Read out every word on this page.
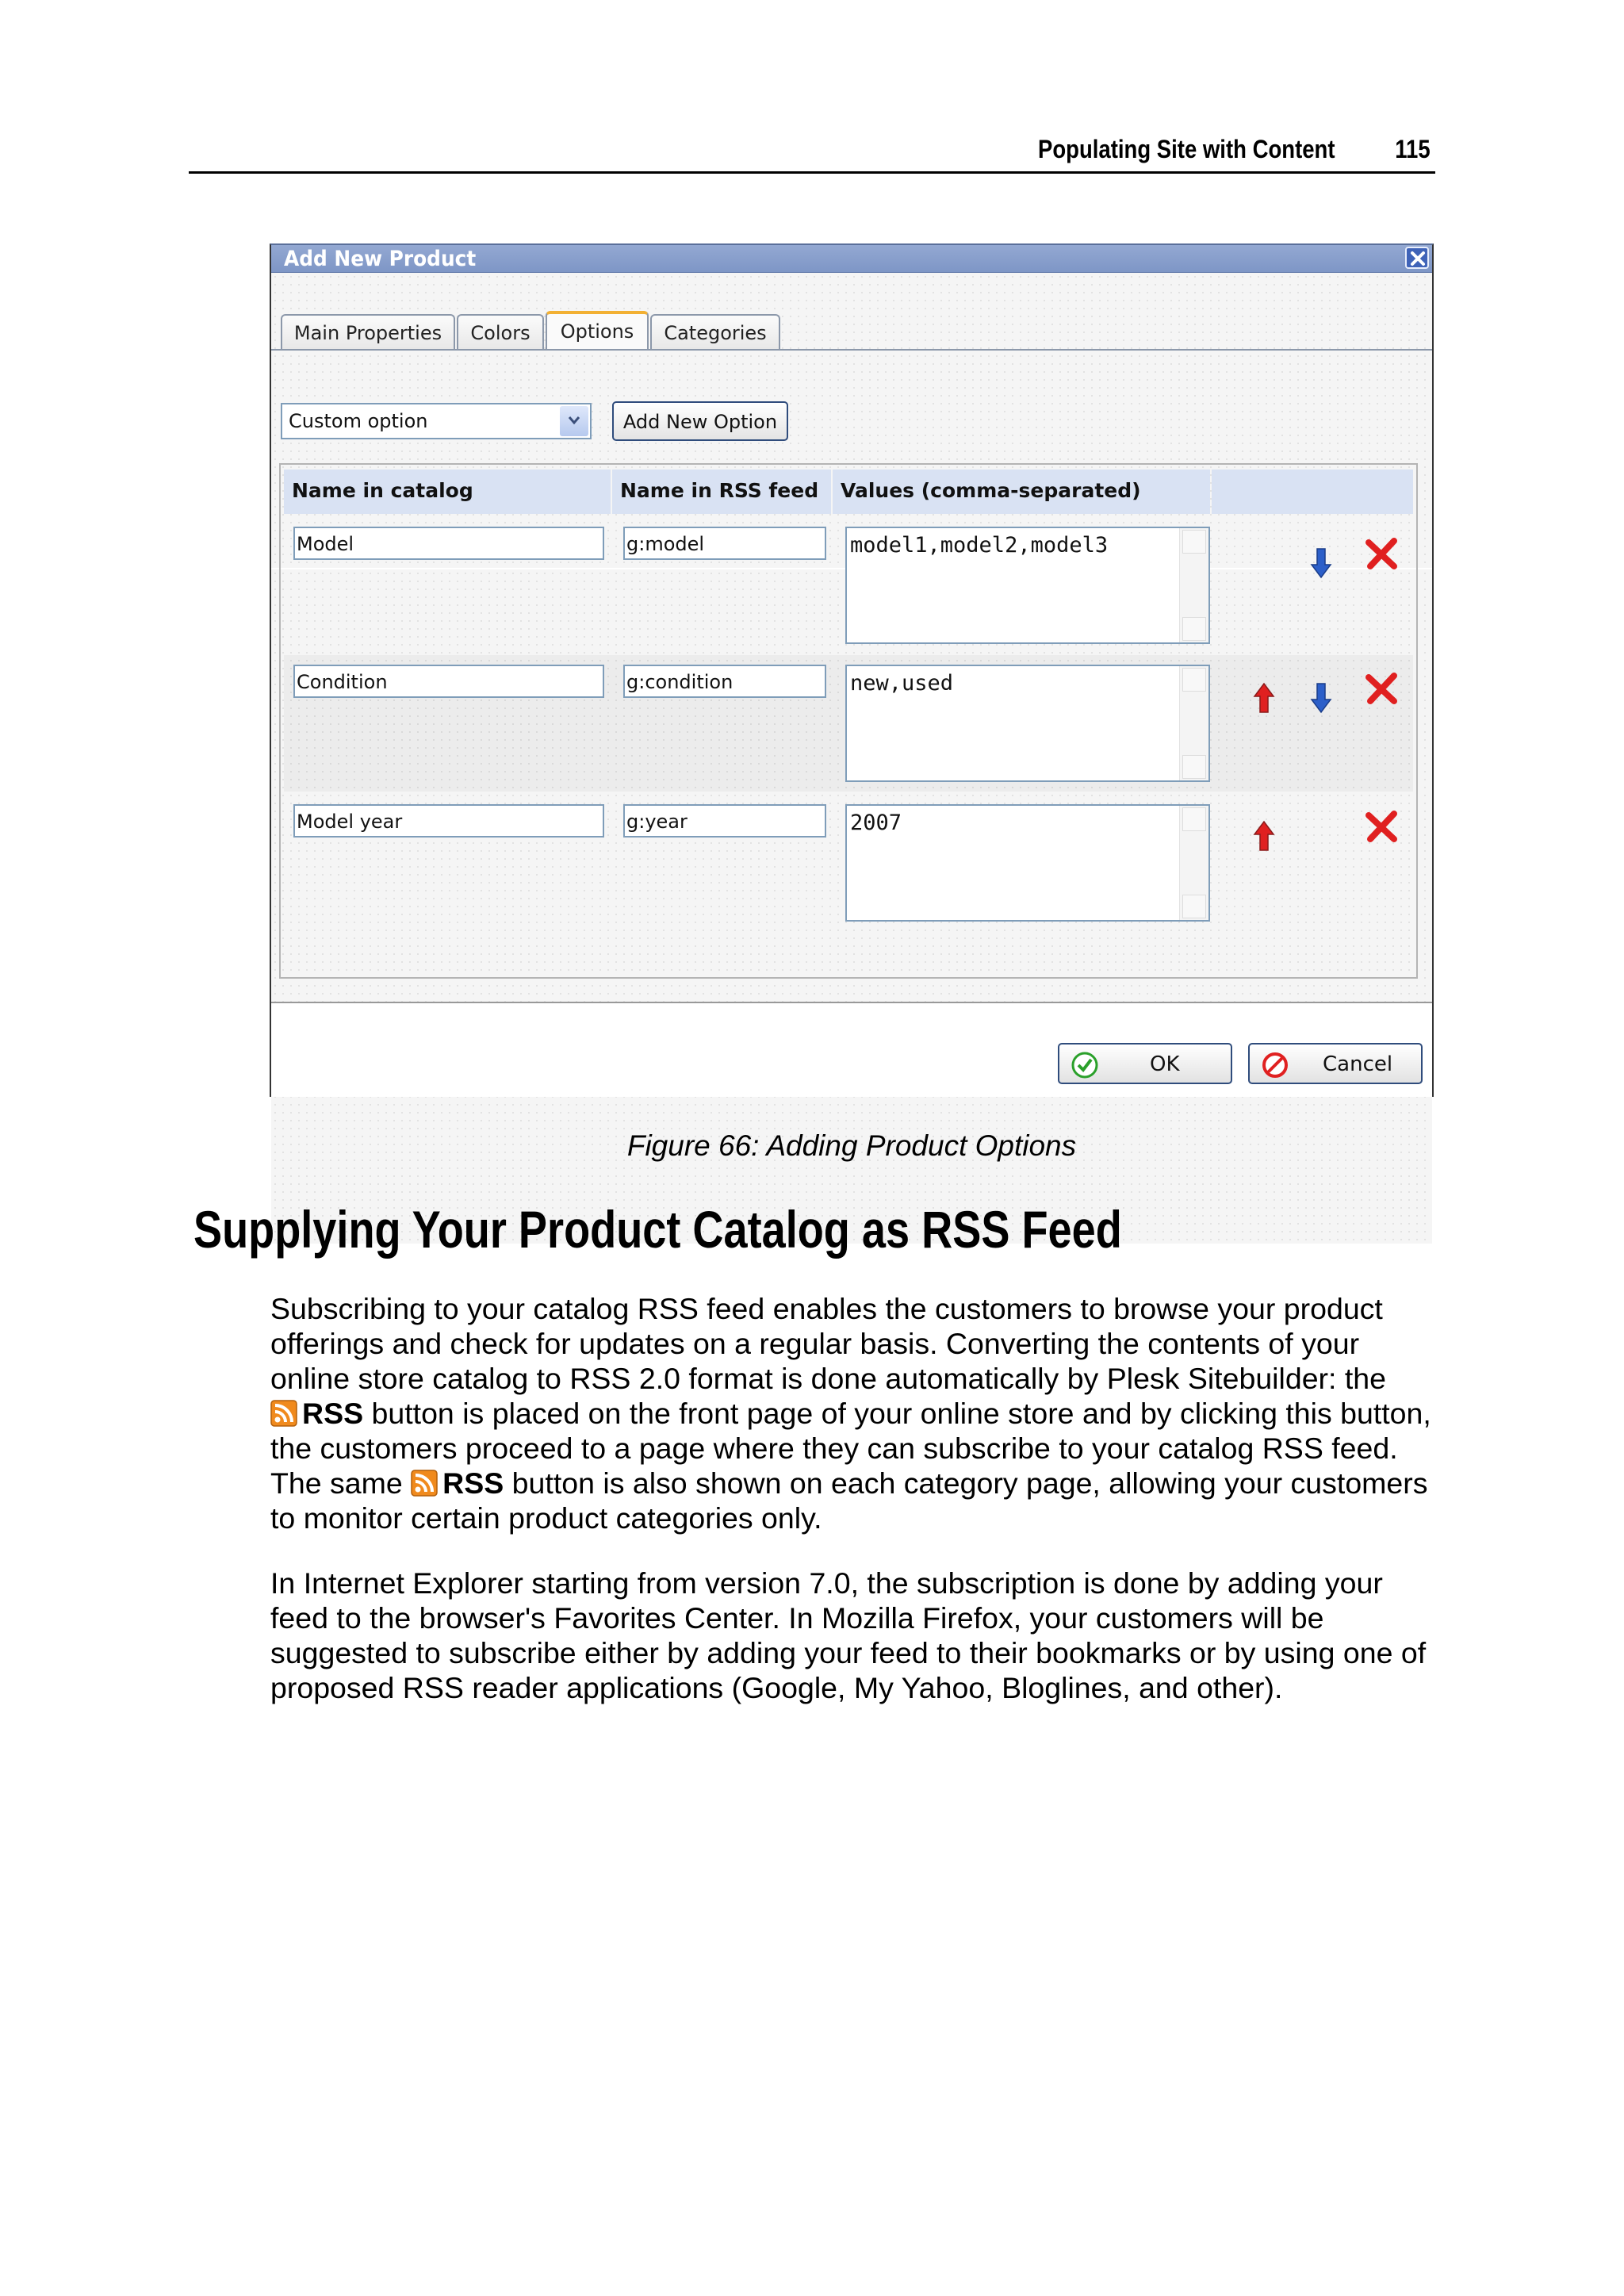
Populating Site with Content 115
Add New Product
Main Properties	Colors	Options	Categories
Custom option	Add New Option
Name in catalog	Name in RSS feed	Values (comma-separated)
Model	g:model	model1,model2,model3
Condition	g:condition	new,used
Model year	g:year	2007
OK	Cancel
Figure 66: Adding Product Options
Supplying Your Product Catalog as RSS Feed
Subscribing to your catalog RSS feed enables the customers to browse your product offerings and check for updates on a regular basis. Converting the contents of your online store catalog to RSS 2.0 format is done automatically by Plesk Sitebuilder: the
RSS button is placed on the front page of your online store and by clicking this button, the customers proceed to a page where they can subscribe to your catalog RSS feed. The same RSS button is also shown on each category page, allowing your customers to monitor certain product categories only.
In Internet Explorer starting from version 7.0, the subscription is done by adding your feed to the browser's Favorites Center. In Mozilla Firefox, your customers will be suggested to subscribe either by adding your feed to their bookmarks or by using one of proposed RSS reader applications (Google, My Yahoo, Bloglines, and other).
